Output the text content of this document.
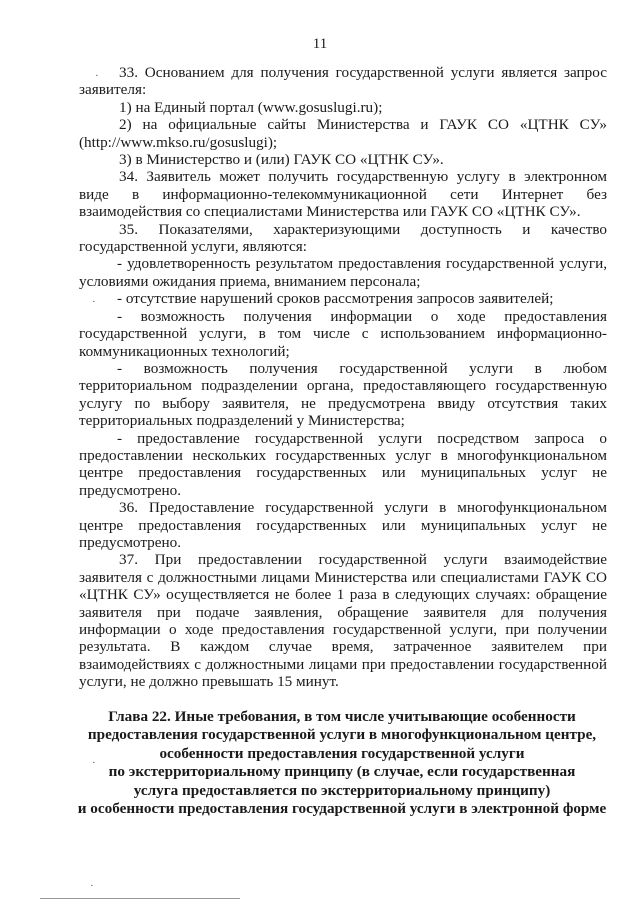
11

33. Основанием для получения государственной услуги является запрос заявителя:

1) на Единый портал (www.gosuslugi.ru);

2) на официальные сайты Министерства и ГАУК СО «ЦТНК СУ» (http://www.mkso.ru/gosuslugi);

3) в Министерство и (или) ГАУК СО «ЦТНК СУ».

34. Заявитель может получить государственную услугу в электронном виде в информационно-телекоммуникационной сети Интернет без взаимодействия со специалистами Министерства или ГАУК СО «ЦТНК СУ».

35. Показателями, характеризующими доступность и качество государственной услуги, являются:

- удовлетворенность результатом предоставления государственной услуги, условиями ожидания приема, вниманием персонала;

- отсутствие нарушений сроков рассмотрения запросов заявителей;

- возможность получения информации о ходе предоставления государственной услуги, в том числе с использованием информационно-коммуникационных технологий;

- возможность получения государственной услуги в любом территориальном подразделении органа, предоставляющего государственную услугу по выбору заявителя, не предусмотрена ввиду отсутствия таких территориальных подразделений у Министерства;

- предоставление государственной услуги посредством запроса о предоставлении нескольких государственных услуг в многофункциональном центре предоставления государственных или муниципальных услуг не предусмотрено.

36. Предоставление государственной услуги в многофункциональном центре предоставления государственных или муниципальных услуг не предусмотрено.

37. При предоставлении государственной услуги взаимодействие заявителя с должностными лицами Министерства или специалистами ГАУК СО «ЦТНК СУ» осуществляется не более 1 раза в следующих случаях: обращение заявителя при подаче заявления, обращение заявителя для получения информации о ходе предоставления государственной услуги, при получении результата. В каждом случае время, затраченное заявителем при взаимодействиях с должностными лицами при предоставлении государственной услуги, не должно превышать 15 минут.

Глава 22. Иные требования, в том числе учитывающие особенности

предоставления государственной услуги в многофункциональном центре,

особенности предоставления государственной услуги

по экстерриториальному принципу (в случае, если государственная

услуга предоставляется по экстерриториальному принципу)

и особенности предоставления государственной услуги в электронной форме

·
·
·
·
